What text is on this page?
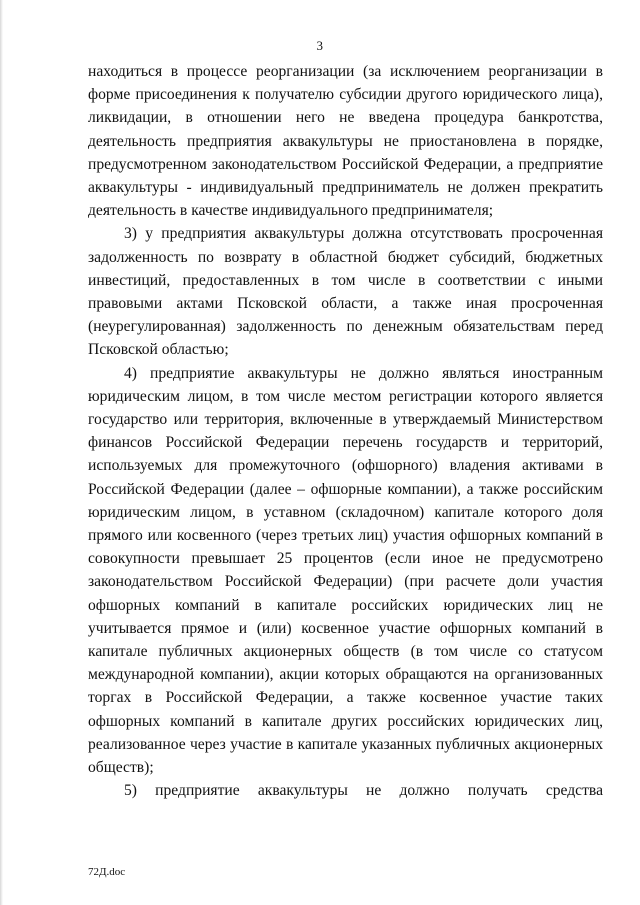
3

находиться в процессе реорганизации (за исключением реорганизации в форме присоединения к получателю субсидии другого юридического лица), ликвидации, в отношении него не введена процедура банкротства, деятельность предприятия аквакультуры не приостановлена в порядке, предусмотренном законодательством Российской Федерации, а предприятие аквакультуры - индивидуальный предприниматель не должен прекратить деятельность в качестве индивидуального предпринимателя;

3) у предприятия аквакультуры должна отсутствовать просроченная задолженность по возврату в областной бюджет субсидий, бюджетных инвестиций, предоставленных в том числе в соответствии с иными правовыми актами Псковской области, а также иная просроченная (неурегулированная) задолженность по денежным обязательствам перед Псковской областью;

4) предприятие аквакультуры не должно являться иностранным юридическим лицом, в том числе местом регистрации которого является государство или территория, включенные в утверждаемый Министерством финансов Российской Федерации перечень государств и территорий, используемых для промежуточного (офшорного) владения активами в Российской Федерации (далее – офшорные компании), а также российским юридическим лицом, в уставном (складочном) капитале которого доля прямого или косвенного (через третьих лиц) участия офшорных компаний в совокупности превышает 25 процентов (если иное не предусмотрено законодательством Российской Федерации) (при расчете доли участия офшорных компаний в капитале российских юридических лиц не учитывается прямое и (или) косвенное участие офшорных компаний в капитале публичных акционерных обществ (в том числе со статусом международной компании), акции которых обращаются на организованных торгах в Российской Федерации, а также косвенное участие таких офшорных компаний в капитале других российских юридических лиц, реализованное через участие в капитале указанных публичных акционерных обществ);

5) предприятие аквакультуры не должно получать средства

72Д.doc
